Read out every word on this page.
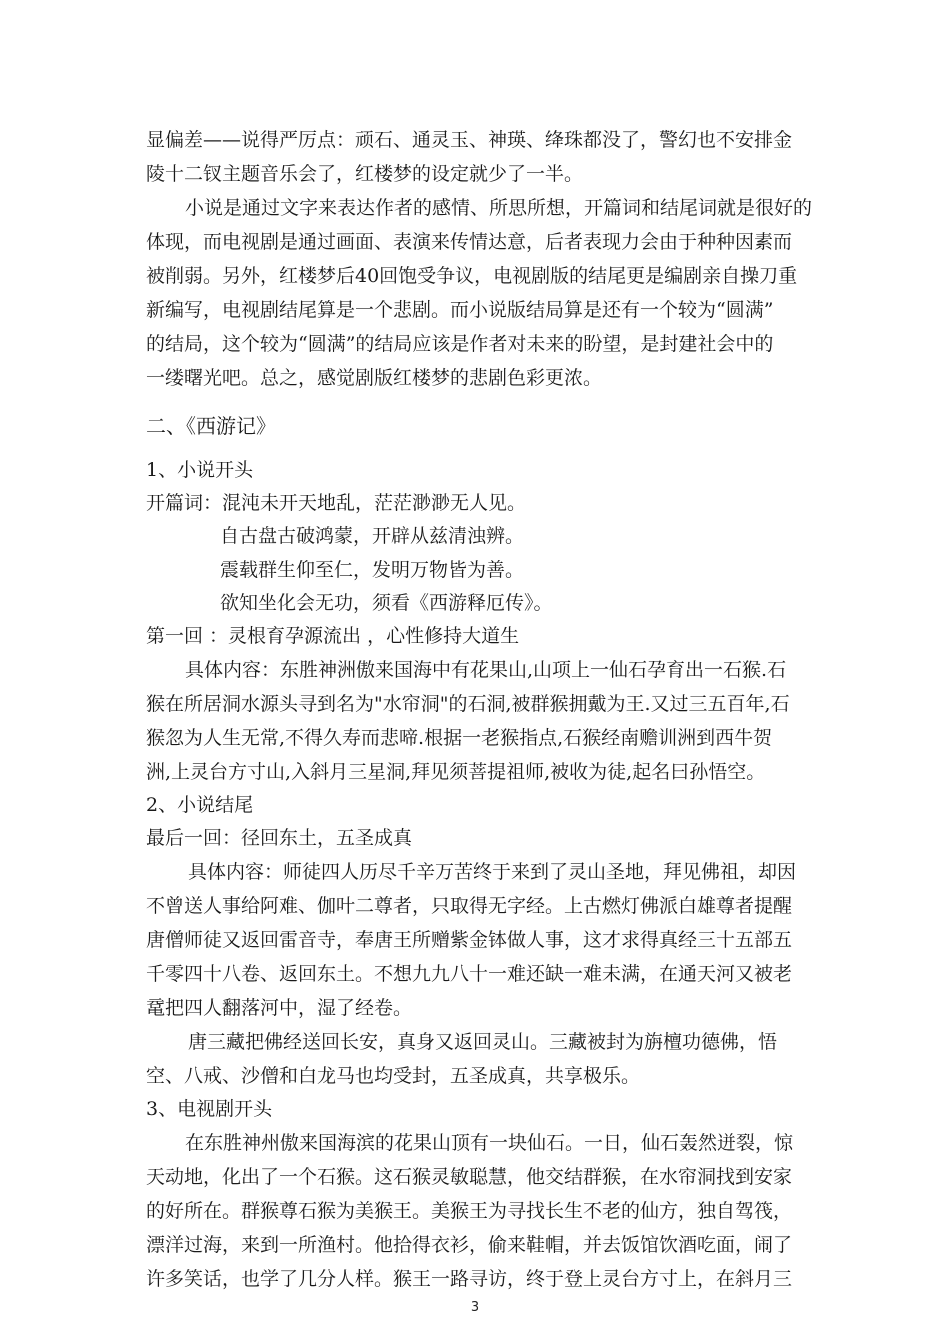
显偏差——说得严厉点：顽石、通灵玉、神瑛、绛珠都没了，警幻也不安排金
陵十二钗主题音乐会了，红楼梦的设定就少了一半。
小说是通过文字来表达作者的感情、所思所想，开篇词和结尾词就是很好的
体现，而电视剧是通过画面、表演来传情达意，后者表现力会由于种种因素而
被削弱。另外，红楼梦后40回饱受争议，电视剧版的结尾更是编剧亲自操刀重
新编写，电视剧结尾算是一个悲剧。而小说版结局算是还有一个较为“圆满”
的结局，这个较为“圆满”的结局应该是作者对未来的盼望，是封建社会中的
一缕曙光吧。总之，感觉剧版红楼梦的悲剧色彩更浓。
二、《西游记》
1、小说开头
开篇词：混沌未开天地乱，茫茫渺渺无人见。
自古盘古破鸿蒙，开辟从兹清浊辨。
震载群生仰至仁，发明万物皆为善。
欲知坐化会无功，须看《西游释厄传》。
第一回 ：灵根育孕源流出 ，心性修持大道生
具体内容：东胜神洲傲来国海中有花果山,山项上一仙石孕育出一石猴.石
猴在所居洞水源头寻到名为"水帘洞"的石洞,被群猴拥戴为王.又过三五百年,石
猴忽为人生无常,不得久寿而悲啼.根据一老猴指点,石猴经南赡训洲到西牛贺
洲,上灵台方寸山,入斜月三星洞,拜见须菩提祖师,被收为徒,起名曰孙悟空。
2、小说结尾
最后一回：径回东土，五圣成真
具体内容：师徒四人历尽千辛万苦终于来到了灵山圣地，拜见佛祖，却因
不曾送人事给阿难、伽叶二尊者，只取得无字经。上古燃灯佛派白雄尊者提醒
唐僧师徒又返回雷音寺，奉唐王所赠紫金钵做人事，这才求得真经三十五部五
千零四十八卷、返回东土。不想九九八十一难还缺一难未满，在通天河又被老
鼋把四人翻落河中，湿了经卷。
唐三藏把佛经送回长安，真身又返回灵山。三藏被封为旃檀功德佛，悟
空、八戒、沙僧和白龙马也均受封，五圣成真，共享极乐。
3、电视剧开头
在东胜神州傲来国海滨的花果山顶有一块仙石。一日，仙石轰然迸裂，惊
天动地，化出了一个石猴。这石猴灵敏聪慧，他交结群猴，在水帘洞找到安家
的好所在。群猴尊石猴为美猴王。美猴王为寻找长生不老的仙方，独自驾筏，
漂洋过海，来到一所渔村。他拾得衣衫，偷来鞋帽，并去饭馆饮酒吃面，闹了
许多笑话，也学了几分人样。猴王一路寻访，终于登上灵台方寸上，在斜月三
3
